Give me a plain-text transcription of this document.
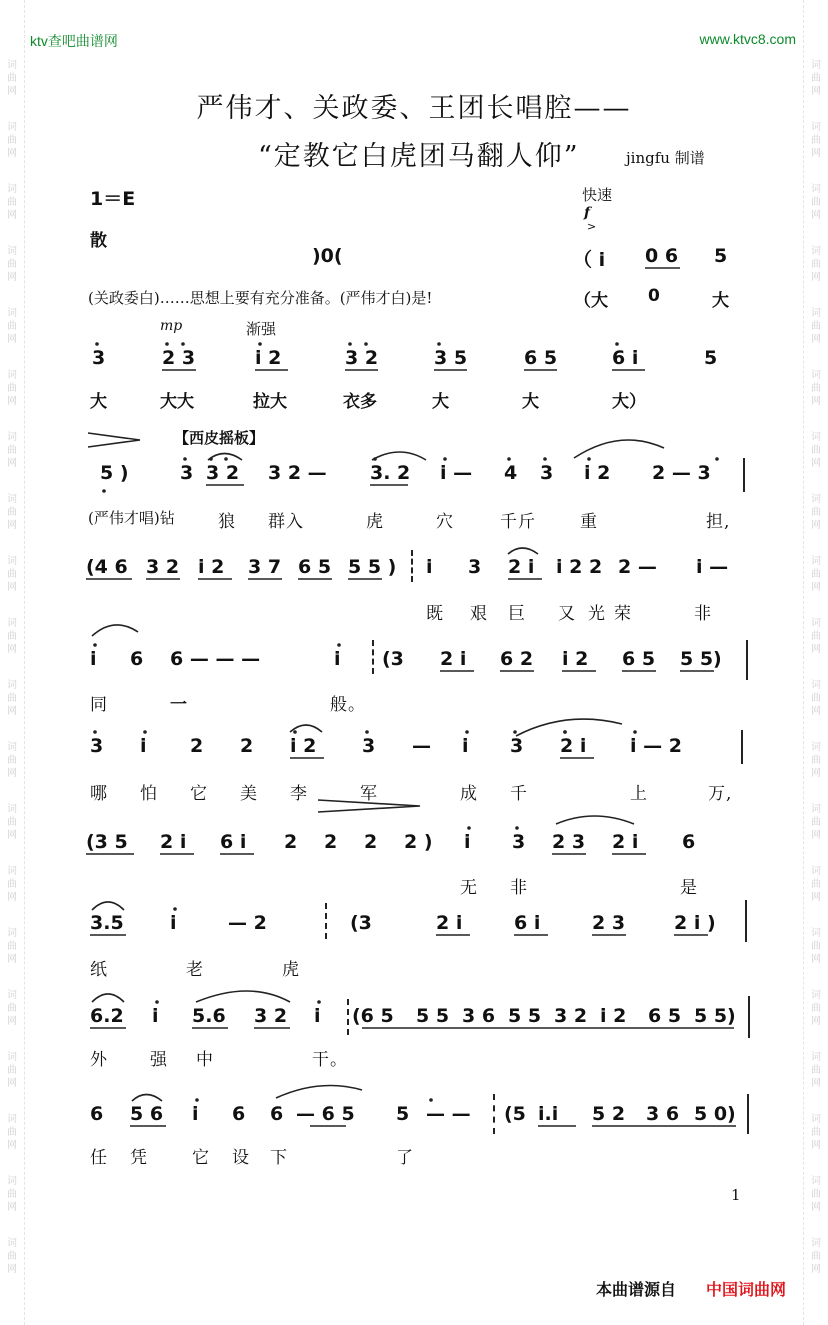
词
曲
网
词
曲
网
词
曲
网
词
曲
网
词
曲
网
词
曲
网
词
曲
网
词
曲
网
词
曲
网
词
曲
网
词
曲
网
词
曲
网
词
曲
网
词
曲
网
词
曲
网
词
曲
网
词
曲
网
词
曲
网
词
曲
网
词
曲
网
词
曲
网
词
曲
网
词
曲
网
词
曲
网
词
曲
网
词
曲
网
词
曲
网
词
曲
网
词
曲
网
词
曲
网
词
曲
网
词
曲
网
词
曲
网
词
曲
网
词
曲
网
词
曲
网
词
曲
网
词
曲
网
词
曲
网
词
曲
网
ktv查吧曲谱网	www.ktvc8.com
严伟才、关政委、王团长唱腔——
“定教它白虎团马翻人仰”	jingfu 制谱
1＝E	快速
f
>
散
)0(	（ i 0 6 5
(关政委白)……思想上要有充分准备。(严伟才白)是!	（大 0	大
mp	渐强
3	2 3	i 2	3 2	3 5	6 5	6 i	5
大	大大	拉大	衣多	大	大	大）
【西皮摇板】
5 )	3 3 2 3 2 — 3. 2 i — 4 3 i 2 2 — 3
(严伟才唱)钻	狼 群入	虎	穴	千斤	重	担,
(4 6 3 2 i 2 3 7 6 5 5 5 ) i 3 2 i i 2 2 2 — i —
既 艰 巨 又 光 荣	非
i 6 6 — — —	i (3 2 i 6 2 i 2 6 5 5 5)
同	一	般。
3 i 2 2 i 2 3 — i 3 2 i i — 2
哪 怕 它 美 李	军	成 千	上	万,
(3 5 2 i 6 i 2 2 2 2 ) i 3 2 3 2 i 6
无 非	是
3.5 i	— 2	(3	2 i	6 i	2 3	2 i )
纸	老	虎
6.2 i 5.6 3 2 i (6 5 5 5 3 6 5 5 3 2 i 2 6 5 5 5)
外 强 中	干。
6 5 6 i 6 6 — 6 5 5 — — (5 i.i 5 2 3 6 5 0)
任 凭	它 设 下	了
1
本曲谱源自 中国词曲网
